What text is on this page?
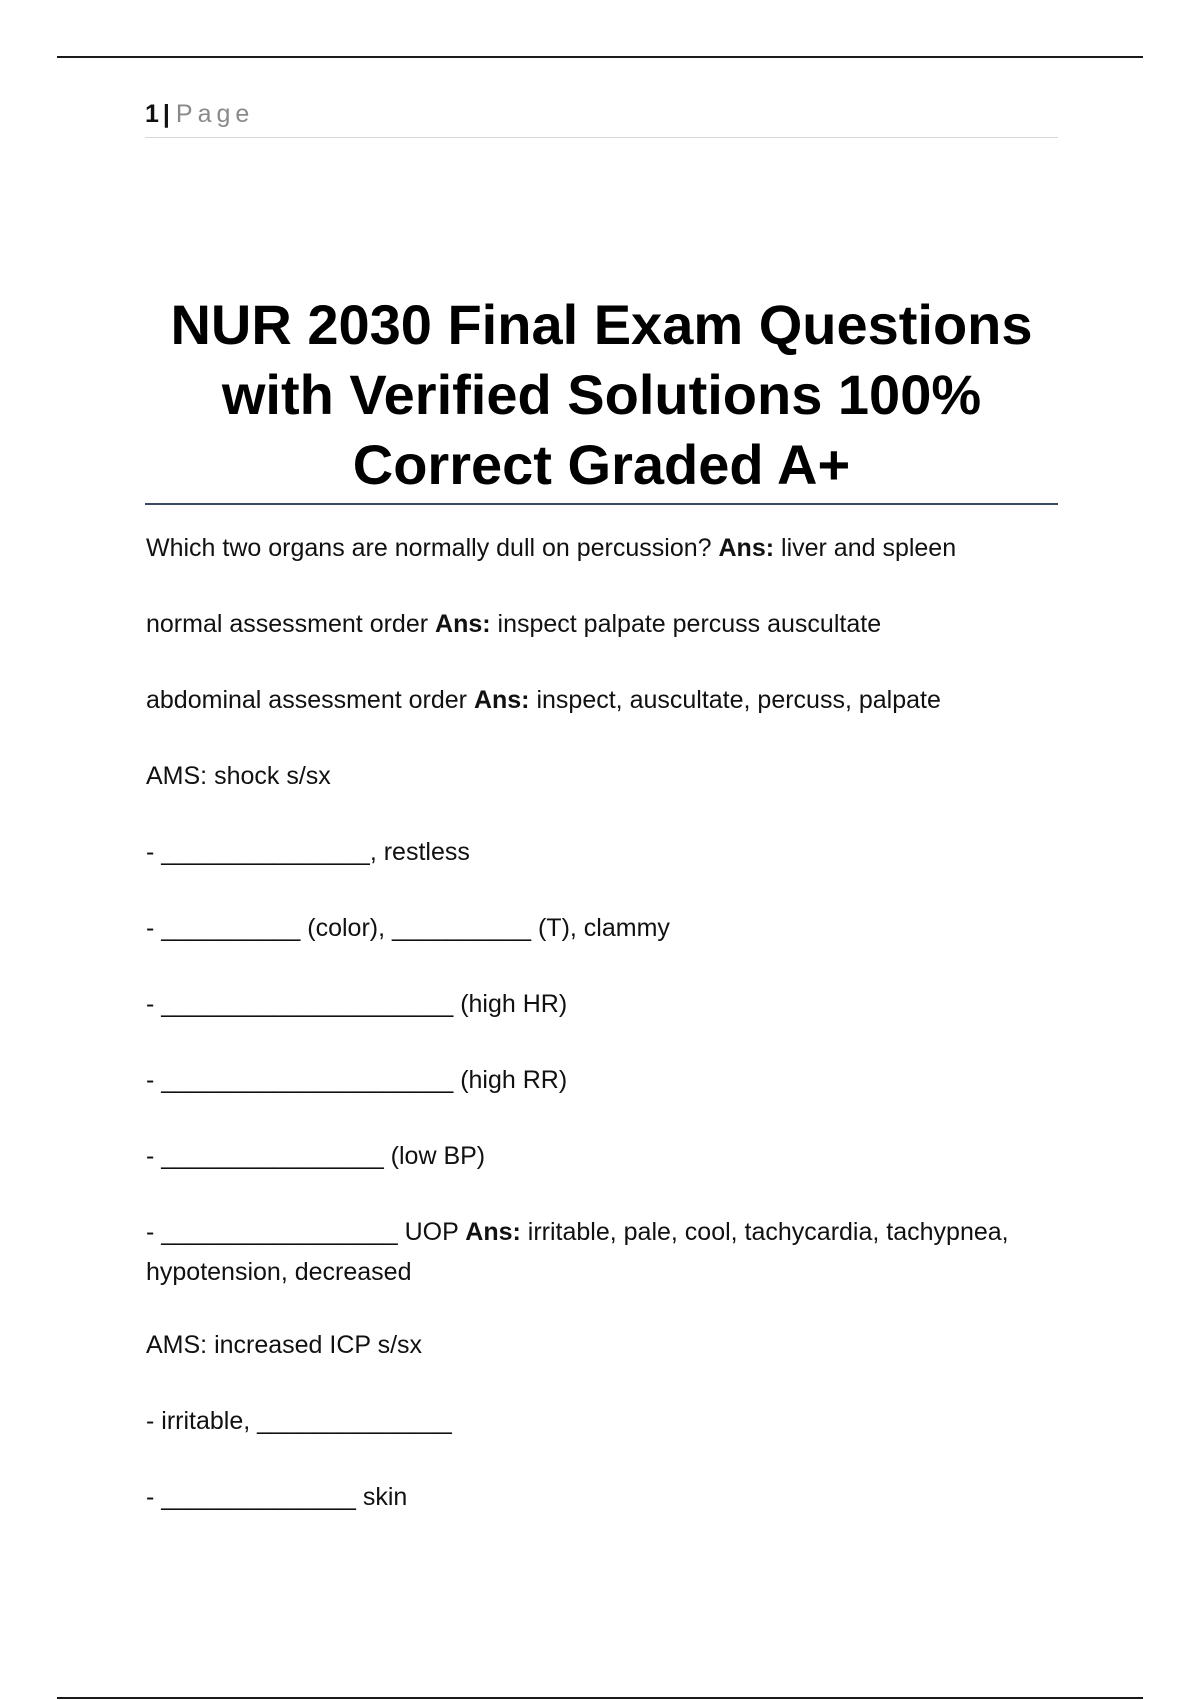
1 | Page
NUR 2030 Final Exam Questions
with Verified Solutions 100%
Correct Graded A+
Which two organs are normally dull on percussion? Ans: liver and spleen
normal assessment order Ans: inspect palpate percuss auscultate
abdominal assessment order Ans: inspect, auscultate, percuss, palpate
AMS: shock s/sx
- _______________, restless
- __________ (color), __________ (T), clammy
- _____________________ (high HR)
- _____________________ (high RR)
- ________________ (low BP)
- _________________ UOP Ans: irritable, pale, cool, tachycardia, tachypnea, hypotension, decreased
AMS: increased ICP s/sx
- irritable, ______________
- ______________ skin
